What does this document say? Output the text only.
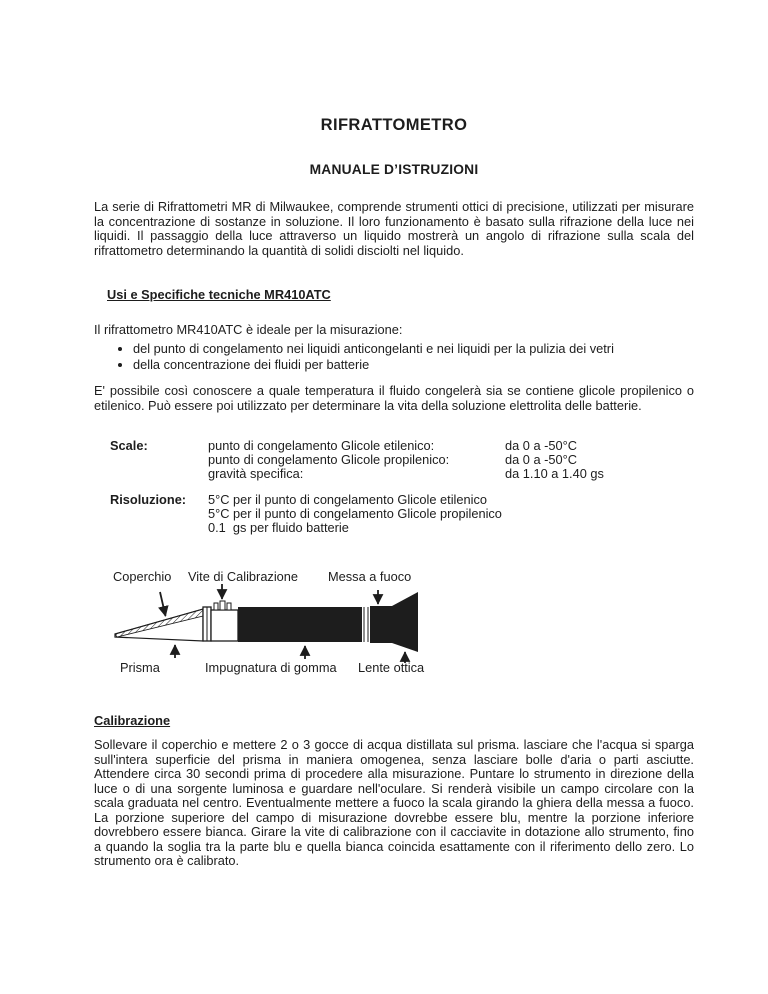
RIFRATTOMETRO
MANUALE D’ISTRUZIONI

La serie di Rifrattometri MR di Milwaukee, comprende strumenti ottici di precisione, utilizzati per misurare la concentrazione di sostanze in soluzione. Il loro funzionamento è basato sulla rifrazione della luce nei liquidi. Il passaggio della luce attraverso un liquido mostrerà un angolo di rifrazione sulla scala del rifrattometro determinando la quantità di solidi disciolti nel liquido.

Usi e Specifiche tecniche MR410ATC
Il rifrattometro MR410ATC è ideale per la misurazione:
• del punto di congelamento nei liquidi anticongelanti e nei liquidi per la pulizia dei vetri
• della concentrazione dei fluidi per batterie

E' possibile così conoscere a quale temperatura il fluido congelerà sia se contiene glicole propilenico o etilenico. Può essere poi utilizzato per determinare la vita della soluzione elettrolita delle batterie.

Scale:	punto di congelamento Glicole etilenico:	da 0 a -50°C
punto di congelamento Glicole propilenico:	da 0 a -50°C
gravità specifica:	da 1.10 a 1.40 gs
Risoluzione: 5°C per il punto di congelamento Glicole etilenico
5°C per il punto di congelamento Glicole propilenico
0.1  gs per fluido batterie
Coperchio Vite di Calibrazione Messa a fuoco
Prisma	Impugnatura di gomma Lente ottica
Calibrazione

Sollevare il coperchio e mettere 2 o 3 gocce di acqua distillata sul prisma. lasciare che l'acqua si sparga sull'intera superficie del prisma in maniera omogenea, senza lasciare bolle d'aria o parti asciutte. Attendere circa 30 secondi prima di procedere alla misurazione. Puntare lo strumento in direzione della luce o di una sorgente luminosa e guardare nell'oculare. Si renderà visibile un campo circolare con la scala graduata nel centro. Eventualmente mettere a fuoco la scala girando la ghiera della messa a fuoco. La porzione superiore del campo di misurazione dovrebbe essere blu, mentre la porzione inferiore dovrebbero essere bianca. Girare la vite di calibrazione con il cacciavite in dotazione allo strumento, fino a quando la soglia tra la parte blu e quella bianca coincida esattamente con il riferimento dello zero. Lo strumento ora è calibrato.
